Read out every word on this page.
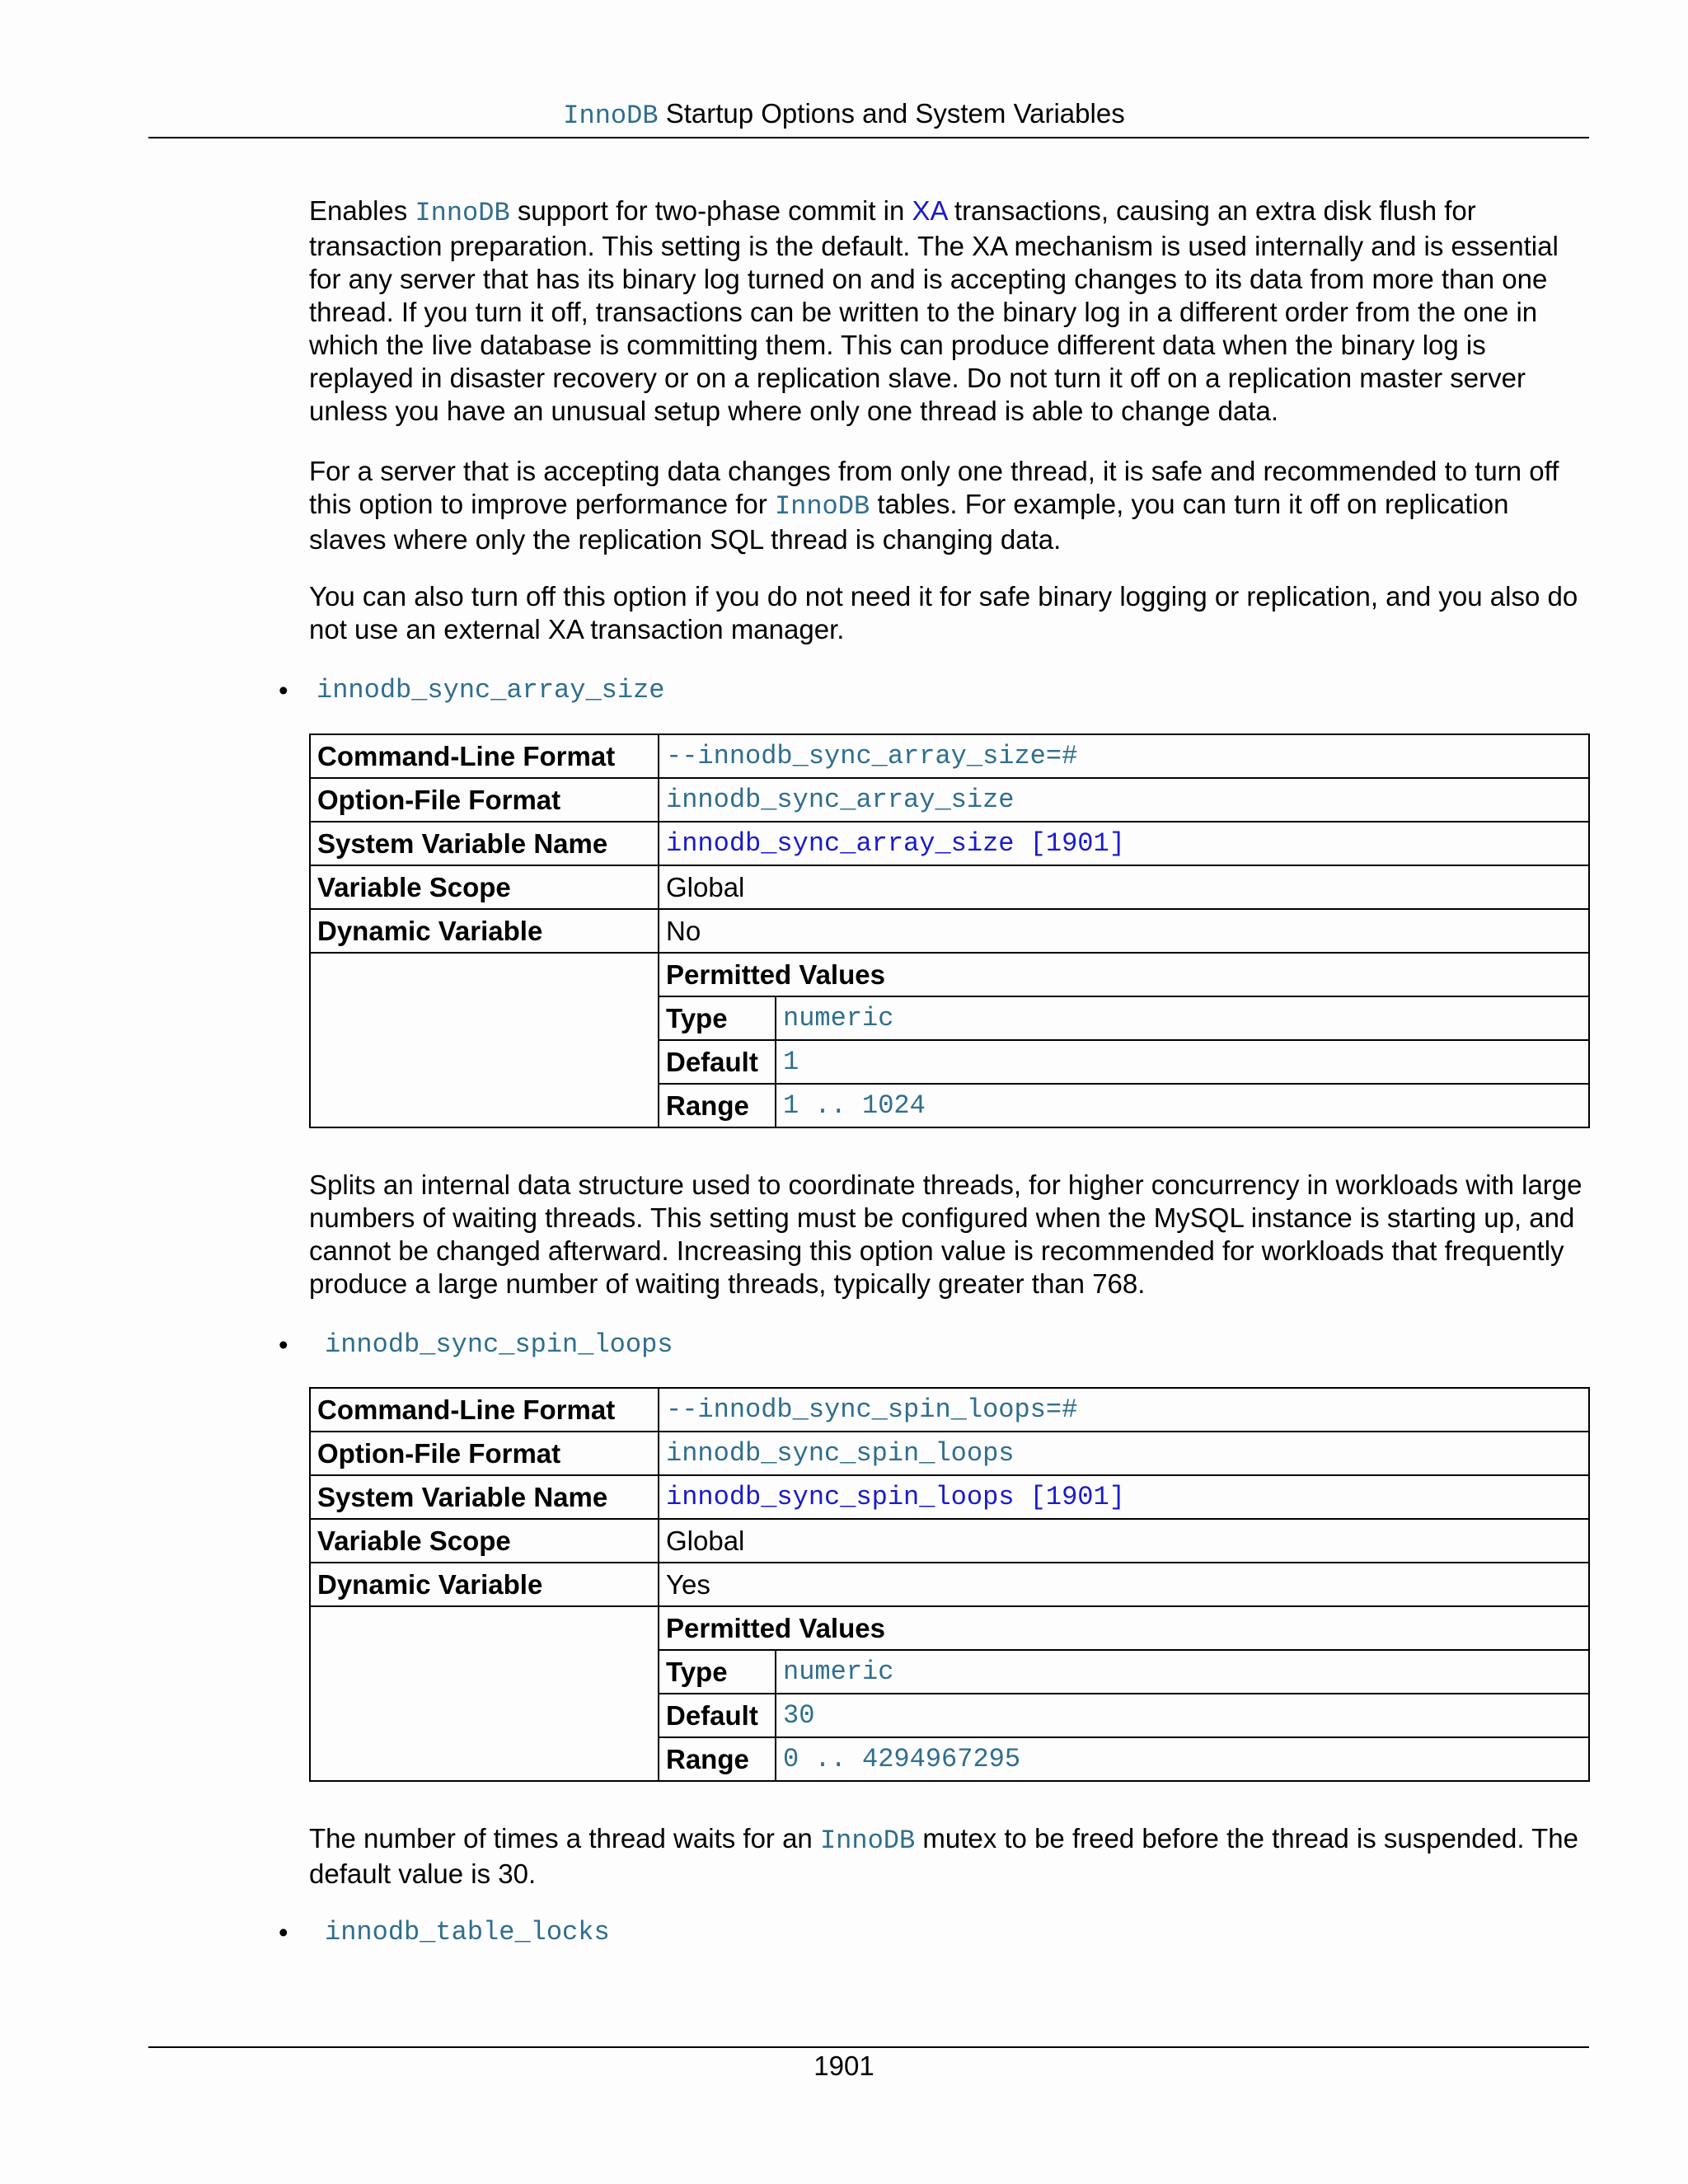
InnoDB Startup Options and System Variables

Enables InnoDB support for two-phase commit in XA transactions, causing an extra disk flush for transaction preparation. This setting is the default. The XA mechanism is used internally and is essential for any server that has its binary log turned on and is accepting changes to its data from more than one thread. If you turn it off, transactions can be written to the binary log in a different order from the one in which the live database is committing them. This can produce different data when the binary log is replayed in disaster recovery or on a replication slave. Do not turn it off on a replication master server unless you have an unusual setup where only one thread is able to change data.

For a server that is accepting data changes from only one thread, it is safe and recommended to turn off this option to improve performance for InnoDB tables. For example, you can turn it off on replication slaves where only the replication SQL thread is changing data.

You can also turn off this option if you do not need it for safe binary logging or replication, and you also do not use an external XA transaction manager.

• innodb_sync_array_size
Command-Line Format	--innodb_sync_array_size=#	
Option-File Format	innodb_sync_array_size	
System Variable Name	innodb_sync_array_size [1901]	
Variable Scope	Global	
Dynamic Variable	No	
	Permitted Values	
	Type	numeric
	Default	1
	Range	1 .. 1024

Splits an internal data structure used to coordinate threads, for higher concurrency in workloads with large numbers of waiting threads. This setting must be configured when the MySQL instance is starting up, and cannot be changed afterward. Increasing this option value is recommended for workloads that frequently produce a large number of waiting threads, typically greater than 768.

• innodb_sync_spin_loops
Command-Line Format	--innodb_sync_spin_loops=#	
Option-File Format	innodb_sync_spin_loops	
System Variable Name	innodb_sync_spin_loops [1901]	
Variable Scope	Global	
Dynamic Variable	Yes	
	Permitted Values	
	Type	numeric
	Default	30
	Range	0 .. 4294967295

The number of times a thread waits for an InnoDB mutex to be freed before the thread is suspended. The default value is 30.

• innodb_table_locks
1901
